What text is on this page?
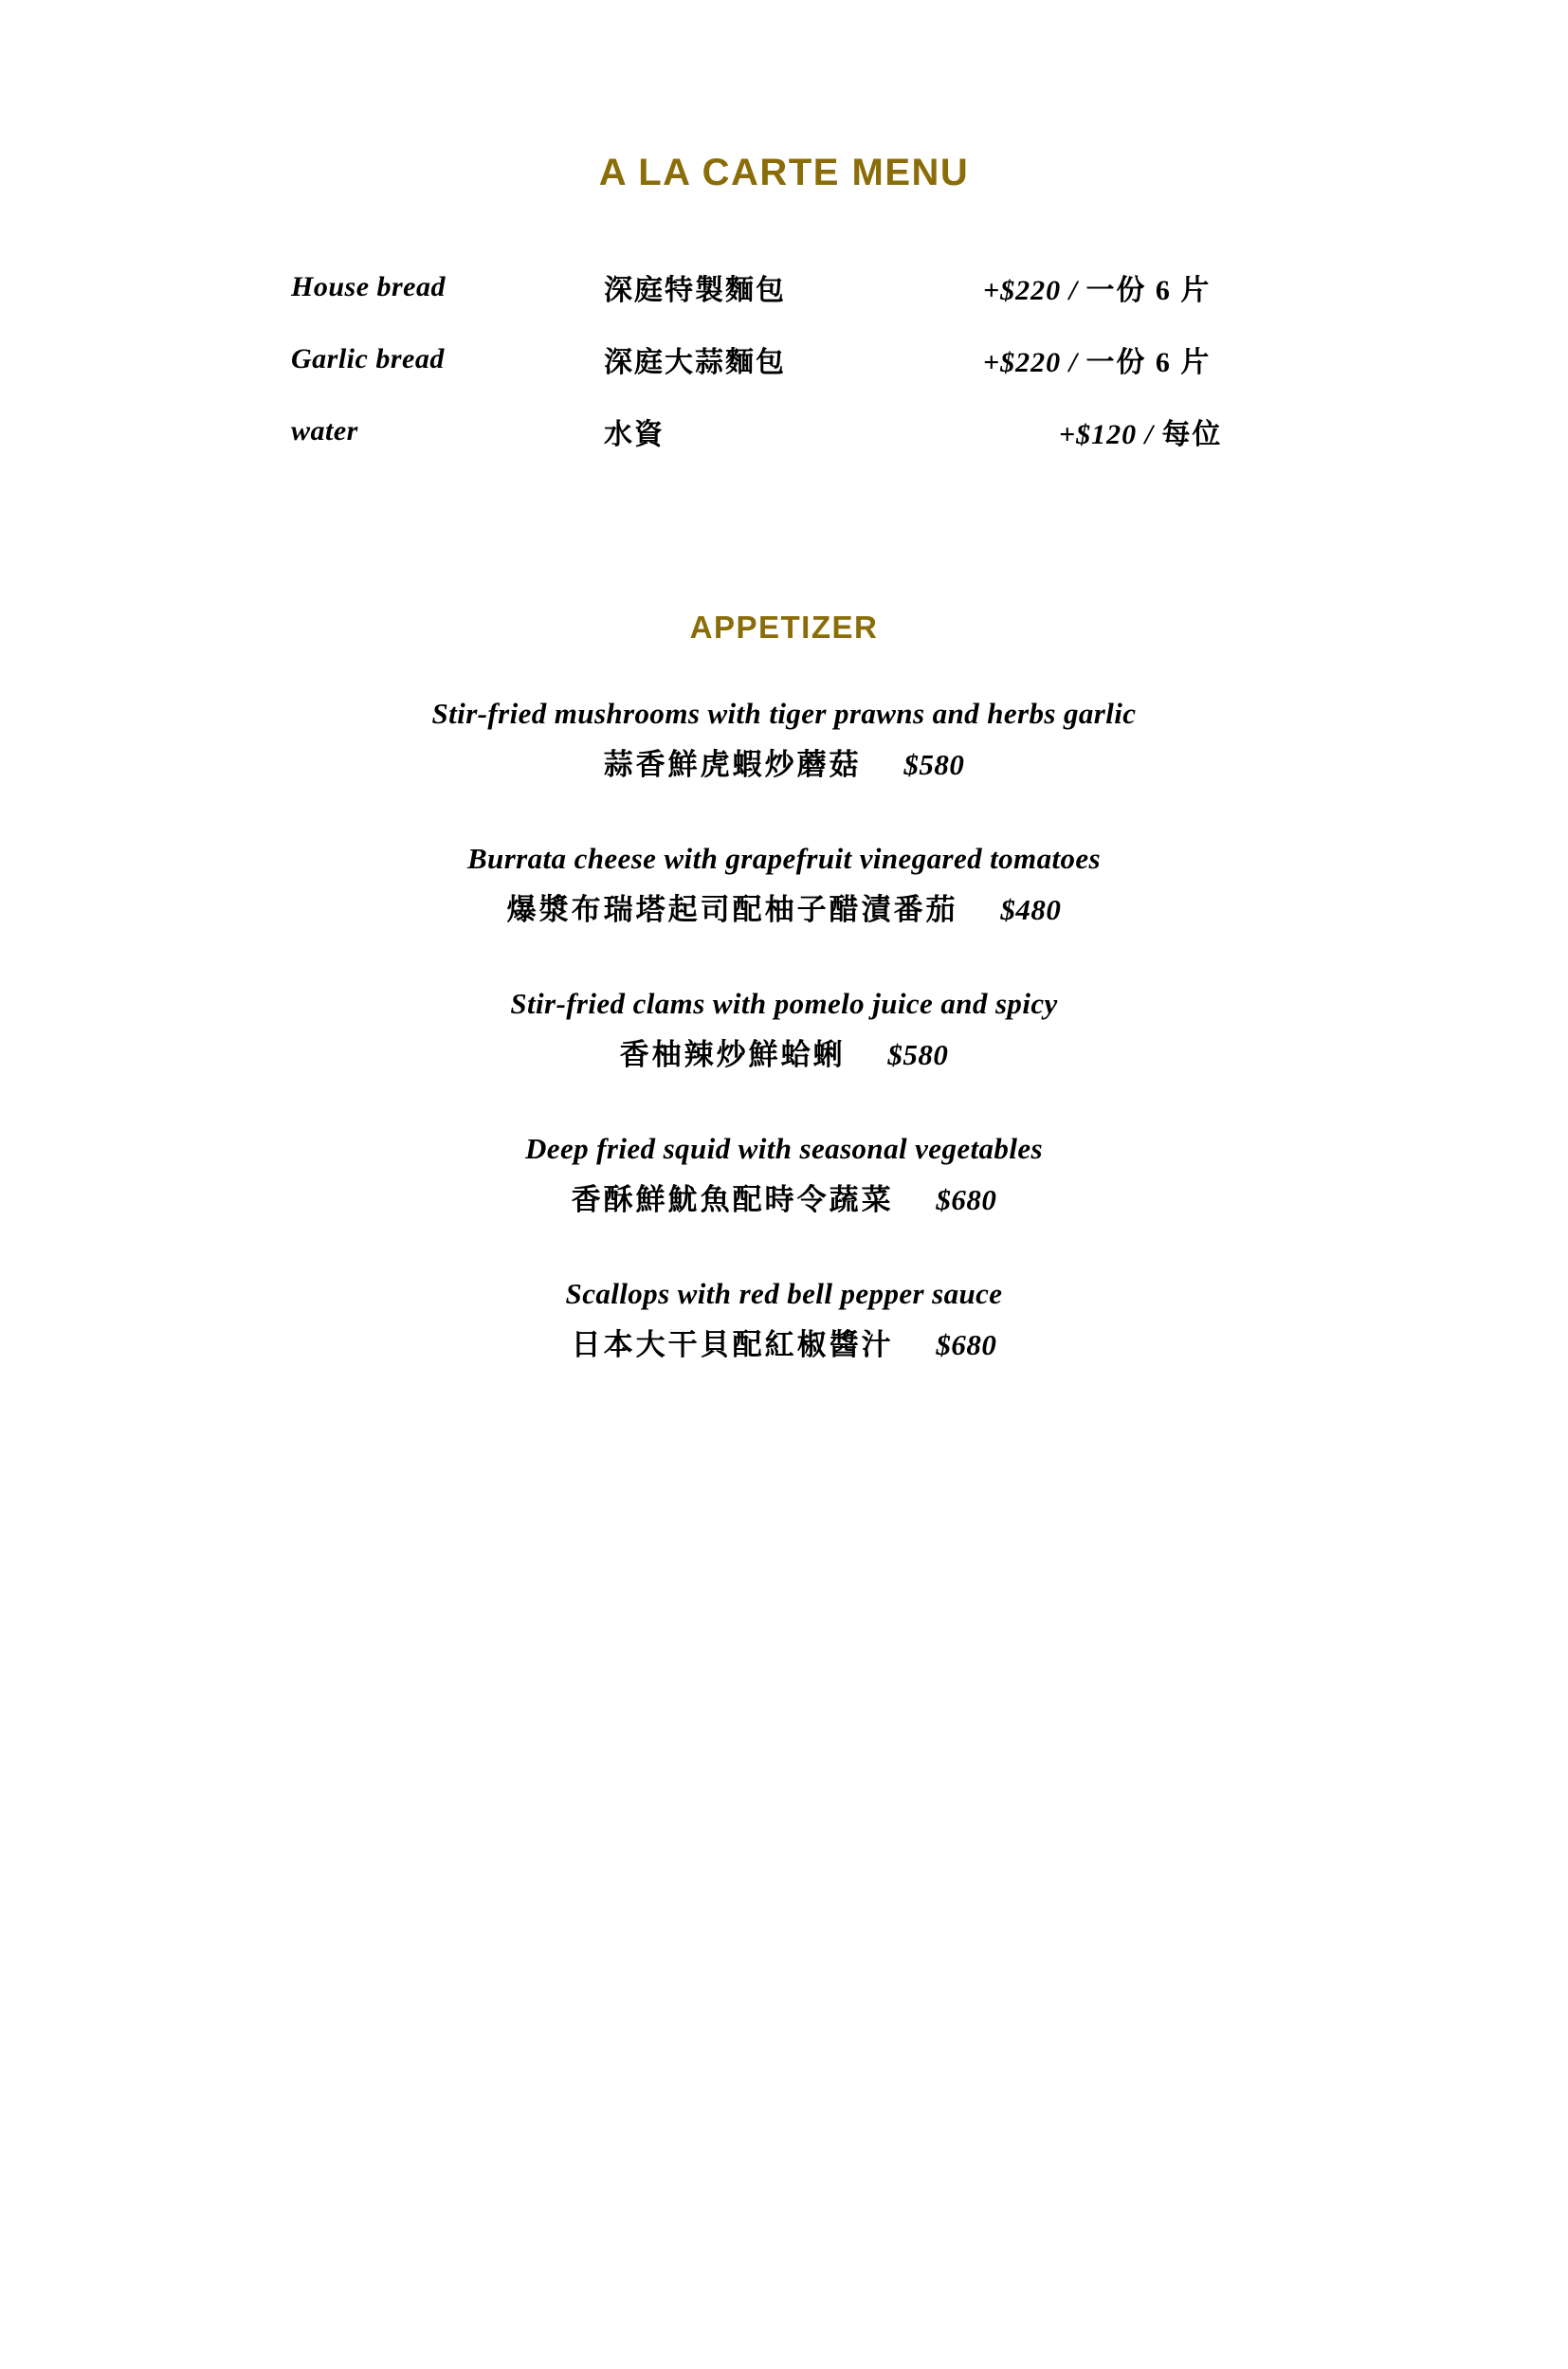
A LA CARTE MENU
House bread	深庭特製麵包	+$220 / 一份 6 片
Garlic bread	深庭大蒜麵包	+$220 / 一份 6 片
water	水資	+$120 / 每位
APPETIZER
Stir-fried mushrooms with tiger prawns and herbs garlic
蒜香鮮虎蝦炒蘑菇 $580
Burrata cheese with grapefruit vinegared tomatoes
爆漿布瑞塔起司配柚子醋漬番茄 $480
Stir-fried clams with pomelo juice and spicy
香柚辣炒鮮蛤蜊 $580
Deep fried squid with seasonal vegetables
香酥鮮魷魚配時令蔬菜 $680
Scallops with red bell pepper sauce
日本大干貝配紅椒醬汁 $680
